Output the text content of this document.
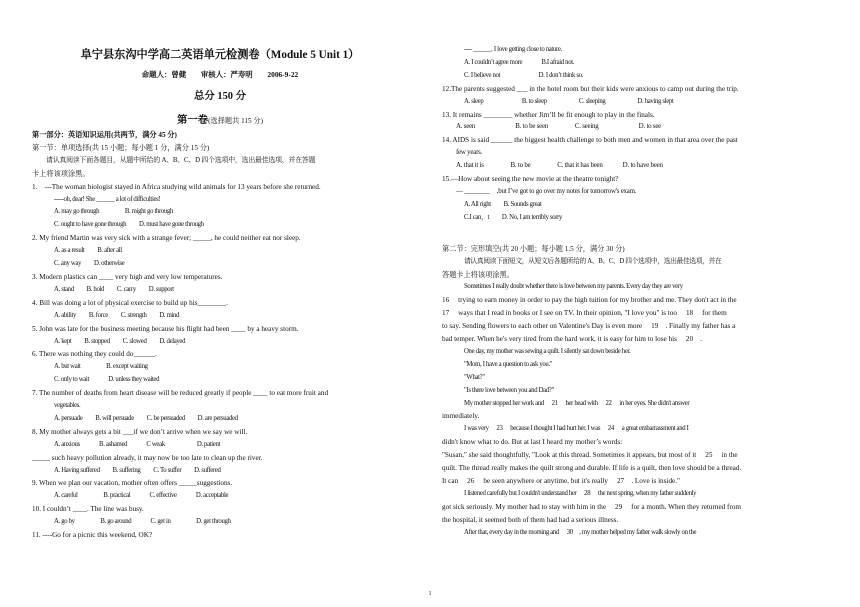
阜宁县东沟中学高二英语单元检测卷（Module 5 Unit 1）
命题人：曾健　　审核人：严寿明　　2006-9-22
总分 150 分
第一卷(选择题共 115 分)
第一部分：英语知识运用(共两节，满分 45 分)
第一节：单项选择(共 15 小题；每小题 1 分，满分 15 分)
请认真阅读下面各题目，从题中所给的 A、B、C、D 四个选项中，选出最佳选项，并在答题
卡上将该项涂黑。
1.　---The woman biologist stayed in Africa studying wild animals for 13 years before she returned.
-----oh, dear! She ______ a lot of difficulties!
A. may go through　　　　B. might go through
C. ought to have gone through　　D. must have gone through
2. My friend Martin was very sick with a strange fever; _____, he could neither eat nor sleep.
A. as a result　　B. after all
C. any way　　D. otherwise
3. Modern plastics can ____ very high and very low temperatures.
A. stand　　B. hold　　C. carry　　D. support
4. Bill was doing a lot of physical exercise to build up his________.
A. ability　　B. force　　C. strength　　D. mind
5. John was late for the business meeting because his flight had been ____ by a heavy storm.
A. kept　　B. stopped　　C. slowed　　D. delayed
6. There was nothing they could do______.
A. but wait　　　　B. except waiting
C. only to wait　　　D. unless they waited
7. The number of deaths from heart disease will be reduced greatly if people ____ to eat more fruit and
vegetables.
A. persuade　　B. will persuade　　C. be persuaded　　D. are persuaded
8. My mother always gets a bit ___if we don’t arrive when we say we will.
A. anxious　　　B. ashamed　　　C weak　　　　　D. patient
_____ such heavy pollution already, it may now be too late to clean up the river.
A. Having suffered　　B. suffering　　C. To suffer　　D. suffered
9. When we plan our vacation, mother often offers _____suggestions.
A. careful　　　　B. practical　　　C. effective　　　D. acceptable
10. I couldn’t ____. The line was busy.
A. go by　　　　B. go around　　　C. get in　　　　D. get through
11. ----Go for a picnic this weekend, OK?
---- ______. I love getting close to nature.
A. I couldn’t agree more　　　B.I afraid not.
C. I believe not　　　　　　D. I don’t think so.
12.The parents suggested ___ in the hotel room but their kids were anxious to camp out during the trip.
A. sleep　　　　　　B. to sleep　　　　　C. sleeping　　　　　D. having slept
13. It remains ________ whether Jim’ll be fit enough to play in the finals.
A. seen　　　　　　B. to be seen　　　　C. seeing　　　　　　D. to see
14. AIDS is said ______ the biggest health challenge to both men and women in that area over the past
few years.
A. that it is　　　　B. to be　　　　C. that it has been　　　D. to have been
15.—How about seeing the new movie at the theatre tonight?
— ________　,but I’ve got to go over my notes for tomorrow's exam.
A. All right　　B. Sounds great
C.I can，t　　D. No, I am terribly sorry
第二节：完形填空(共 20 小题；每小题 1.5 分，满分 30 分)
请认真阅读下面短文，从短文后各题所给的 A、B、C、D 四个选项中，选出最佳选项，并在
答题卡上将该项涂黑。
Sometimes I really doubt whether there is love between my parents. Every day they are very
16　 trying to earn money in order to pay the high tuition for my brother and me. They don't act in the
17　 ways that I read in books or I see on TV. In their opinion, "I love you" is too 　18　 for them
to say. Sending flowers to each other on Valentine's Day is even more 　19　. Finally my father has a
bad temper. When he's very tired from the hard work, it is easy for him to lose his 　20　.
One day, my mother was sewing a quilt. I silently sat down beside her.
"Mom, I have a question to ask you."
"What?"
"Is there love between you and Dad?"
My mother stopped her work and 　21　 her head with 　22　 in her eyes. She didn't answer
immediately.
I was very 　23　 because I thought I had hurt her. I was 　24　 a great embarrassment and I
didn't know what to do. But at last I heard my mother’s words:
"Susan," she said thoughtfully, "Look at this thread. Sometimes it appears, but most of it 　25　 in the
quilt. The thread really makes the quilt strong and durable. If life is a quilt, then love should be a thread.
It can 　26　 be seen anywhere or anytime, but it's really 　27　. Love is inside."
I listened carefully but I couldn't understand her 　28　 the next spring, when my father suddenly
got sick seriously. My mother had to stay with him in the 　29　 for a month. When they returned from
the hospital, it seemed both of them had had a serious illness.
After that, every day in the morning and 　30　, my mother helped my father walk slowly on the
1
